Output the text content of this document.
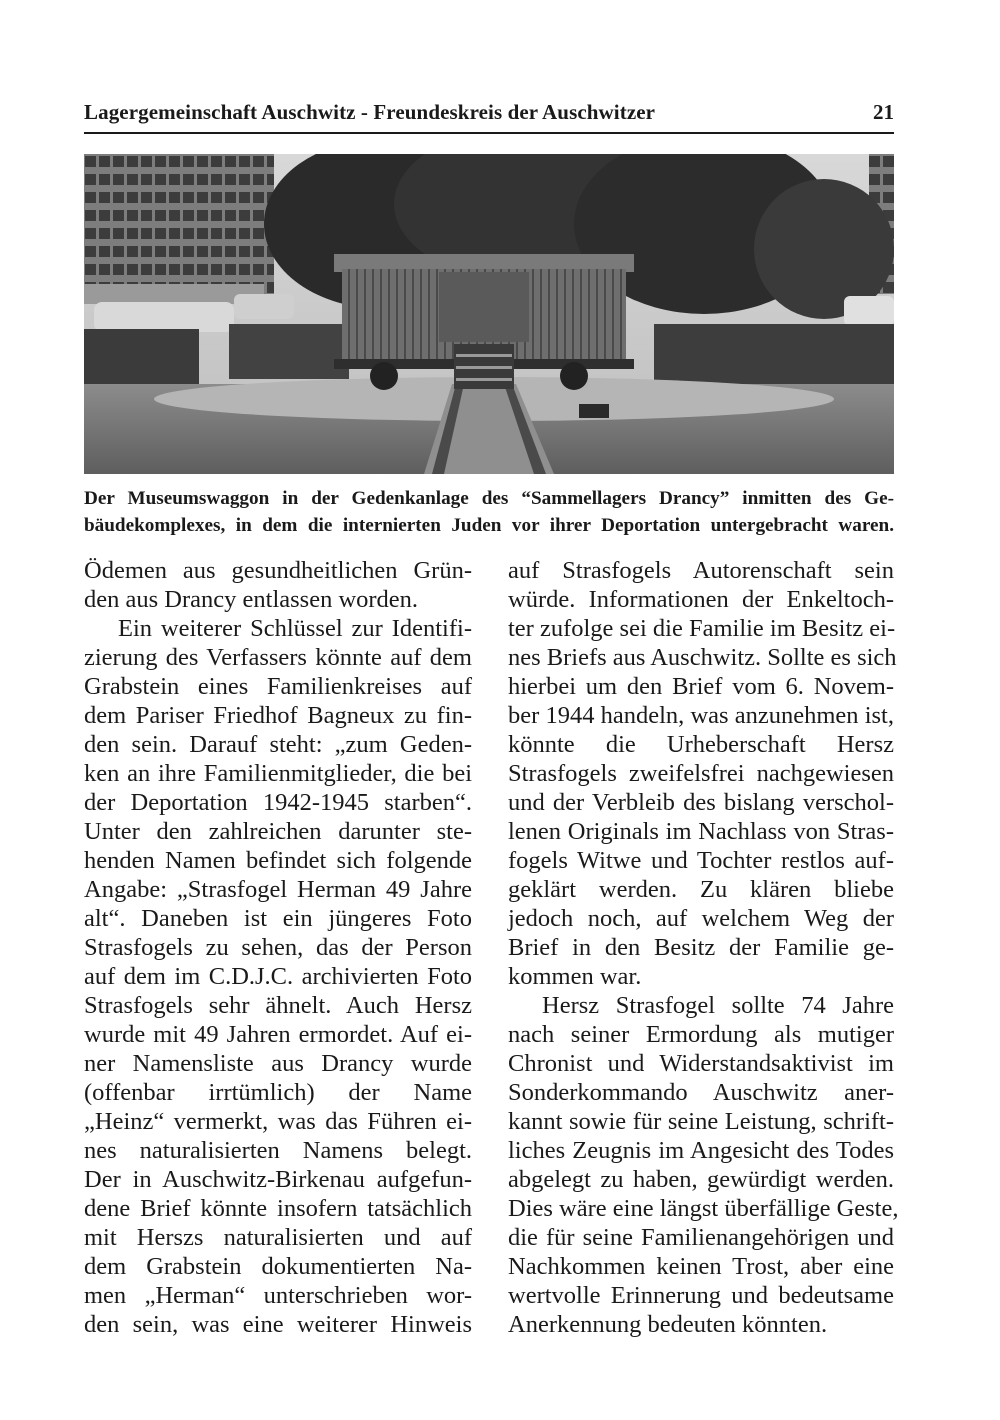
Lagergemeinschaft Auschwitz - Freundeskreis der Auschwitzer	21
Der Museumswaggon in der Gedenkanlage des “Sammellagers Drancy” inmitten des Ge-
bäudekomplexes, in dem die internierten Juden vor ihrer Deportation untergebracht waren.
Ödemen aus gesundheitlichen Grün-
den aus Drancy entlassen worden.
Ein weiterer Schlüssel zur Identifi-
zierung des Verfassers könnte auf dem
Grabstein eines Familienkreises auf
dem Pariser Friedhof Bagneux zu fin-
den sein. Darauf steht: „zum Geden-
ken an ihre Familienmitglieder, die bei
der Deportation 1942-1945 starben“.
Unter den zahlreichen darunter ste-
henden Namen befindet sich folgende
Angabe: „Strasfogel Herman 49 Jahre
alt“. Daneben ist ein jüngeres Foto
Strasfogels zu sehen, das der Person
auf dem im C.D.J.C. archivierten Foto
Strasfogels sehr ähnelt. Auch Hersz
wurde mit 49 Jahren ermordet. Auf ei-
ner Namensliste aus Drancy wurde
(offenbar irrtümlich) der Name
„Heinz“ vermerkt, was das Führen ei-
nes naturalisierten Namens belegt.
Der in Auschwitz-Birkenau aufgefun-
dene Brief könnte insofern tatsächlich
mit Herszs naturalisierten und auf
dem Grabstein dokumentierten Na-
men „Herman“ unterschrieben wor-
den sein, was eine weiterer Hinweis
auf Strasfogels Autorenschaft sein
würde. Informationen der Enkeltoch-
ter zufolge sei die Familie im Besitz ei-
nes Briefs aus Auschwitz. Sollte es sich
hierbei um den Brief vom 6. Novem-
ber 1944 handeln, was anzunehmen ist,
könnte die Urheberschaft Hersz
Strasfogels zweifelsfrei nachgewiesen
und der Verbleib des bislang verschol-
lenen Originals im Nachlass von Stras-
fogels Witwe und Tochter restlos auf-
geklärt werden. Zu klären bliebe
jedoch noch, auf welchem Weg der
Brief in den Besitz der Familie ge-
kommen war.
Hersz Strasfogel sollte 74 Jahre
nach seiner Ermordung als mutiger
Chronist und Widerstandsaktivist im
Sonderkommando Auschwitz aner-
kannt sowie für seine Leistung, schrift-
liches Zeugnis im Angesicht des Todes
abgelegt zu haben, gewürdigt werden.
Dies wäre eine längst überfällige Geste,
die für seine Familienangehörigen und
Nachkommen keinen Trost, aber eine
wertvolle Erinnerung und bedeutsame
Anerkennung bedeuten könnten.
